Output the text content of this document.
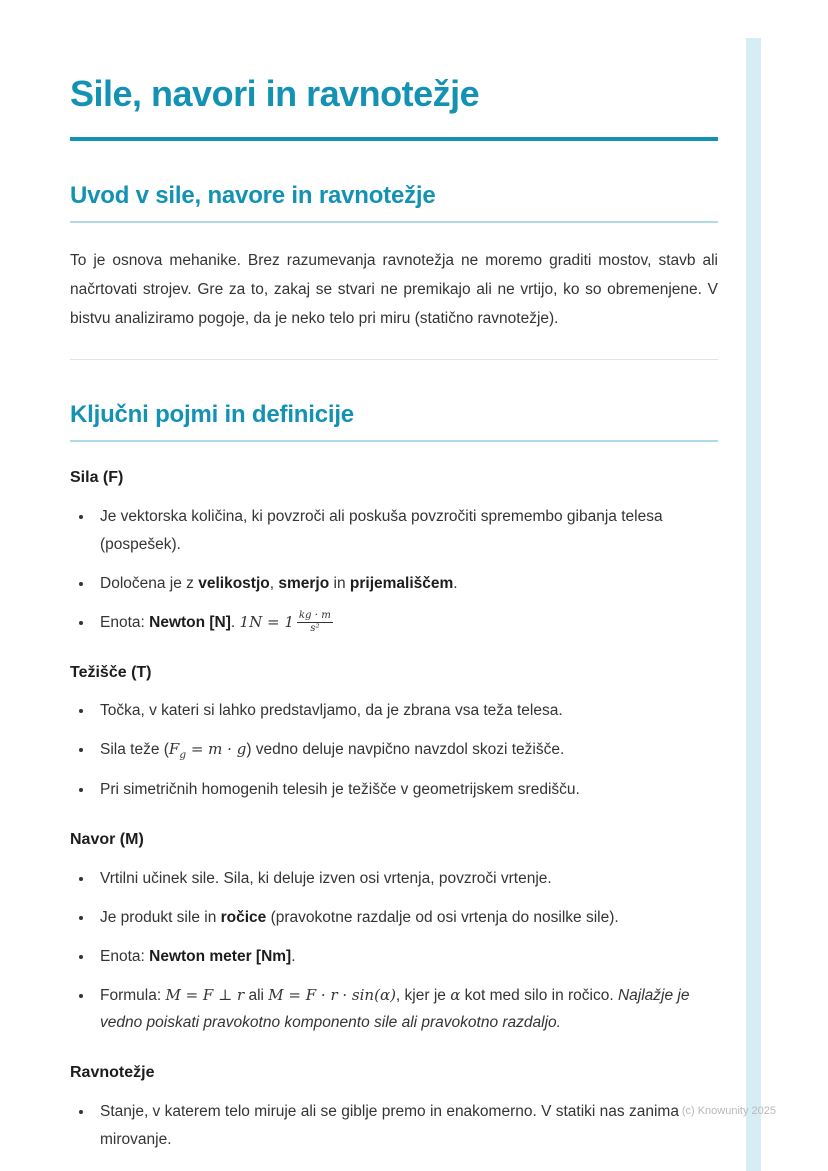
Sile, navori in ravnotežje
Uvod v sile, navore in ravnotežje

To je osnova mehanike. Brez razumevanja ravnotežja ne moremo graditi mostov, stavb ali načrtovati strojev. Gre za to, zakaj se stvari ne premikajo ali ne vrtijo, ko so obremenjene. V bistvu analiziramo pogoje, da je neko telo pri miru (statično ravnotežje).

Ključni pojmi in definicije
Sila (F)
• Je vektorska količina, ki povzroči ali poskuša povzročiti spremembo gibanja telesa (pospešek).
• Določena je z velikostjo, smerjo in prijemališčem.
• Enota: Newton [N]. $1N = 1 \frac{kg \cdot m}{\text{s²}}$
Težišče (T)
• Točka, v kateri si lahko predstavljamo, da je zbrana vsa teža telesa.
• Sila teže $(F_g = m \cdot g)$ vedno deluje navpično navzdol skozi težišče.
• Pri simetričnih homogenih telesih je težišče v geometrijskem središču.
Navor (M)
• Vrtilni učinek sile. Sila, ki deluje izven osi vrtenja, povzroči vrtenje.
• Je produkt sile in ročice (pravokotne razdalje od osi vrtenja do nosilke sile).
• Enota: Newton meter [Nm].
• Formula: M = F ⊥ r ali M = F · r · sin(α), kjer je α kot med silo in ročico. Najlažje je vedno poiskati pravokotno komponento sile ali pravokotno razdaljo.
Ravnotežje
• Stanje, v katerem telo miruje ali se giblje premo in enakomerno. V statiki nas zanima mirovanje.
(c) Knowunity 2025
